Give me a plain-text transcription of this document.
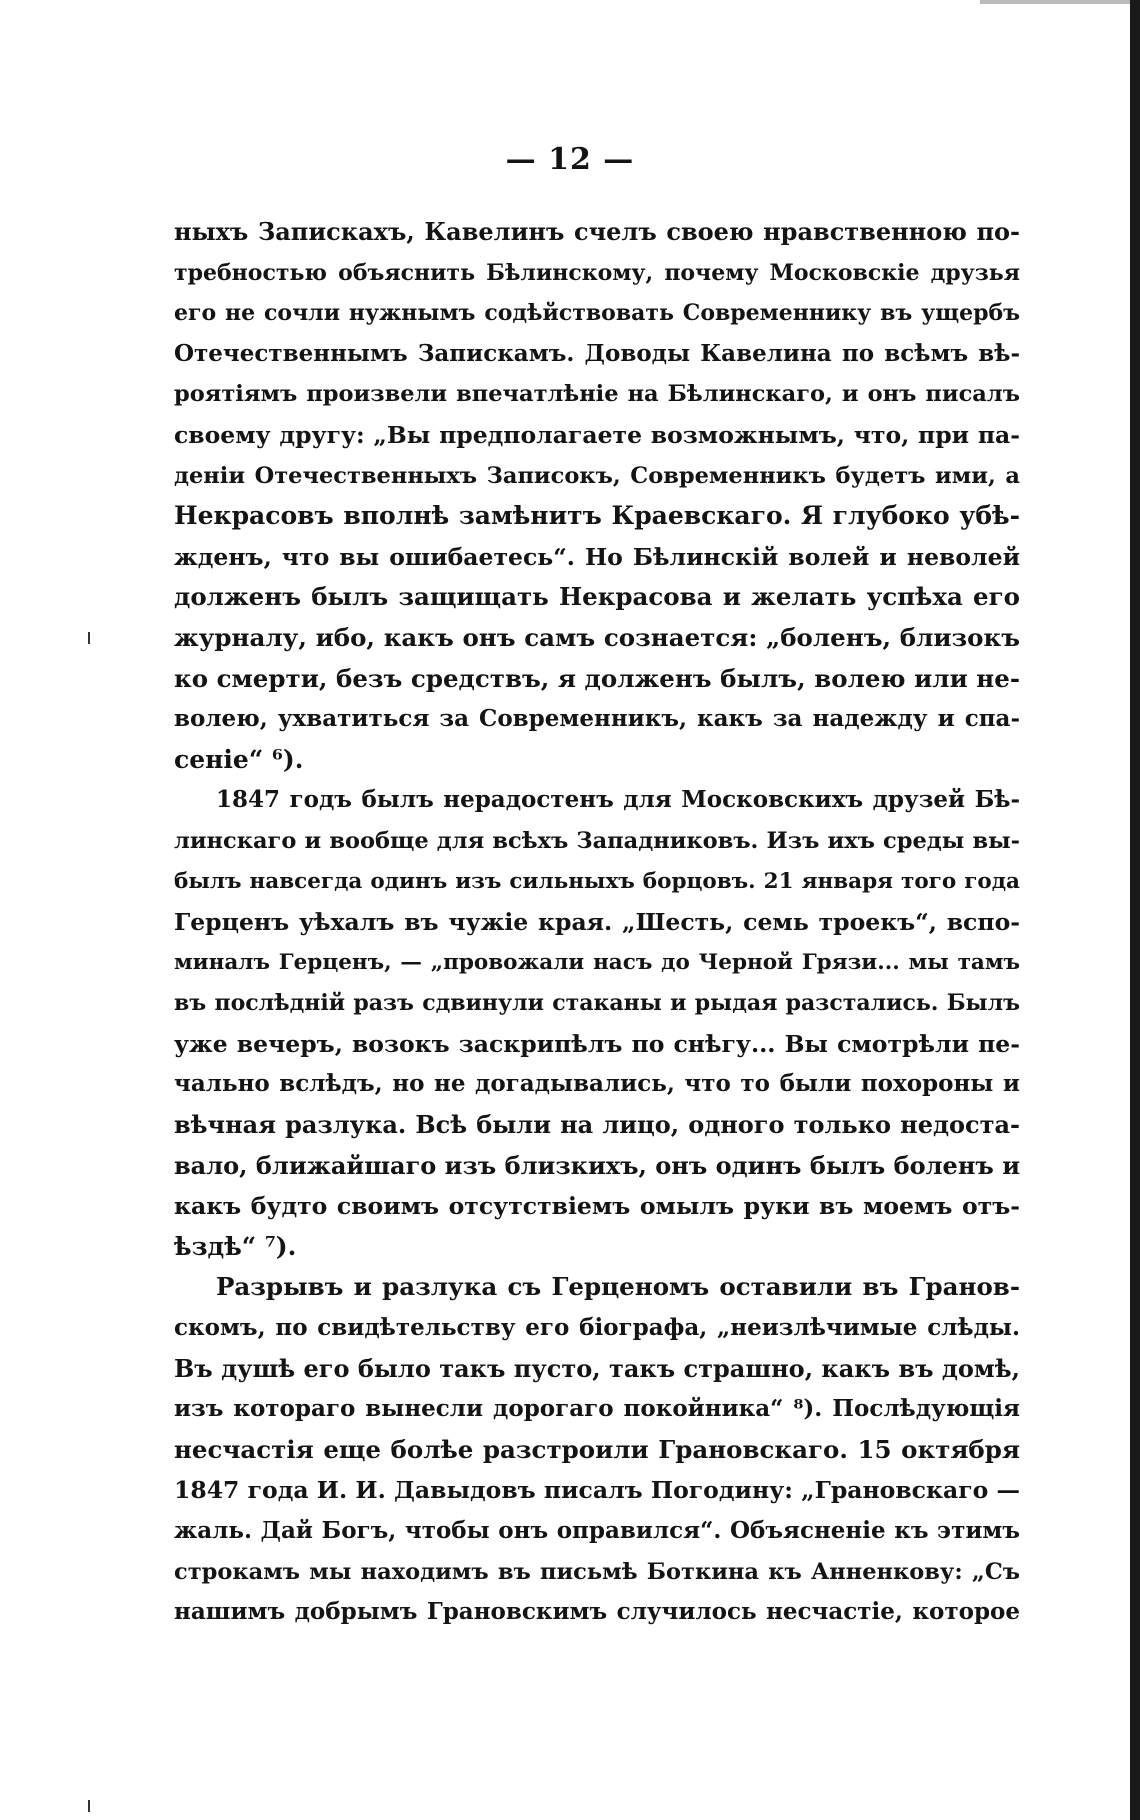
— 12 —
ныхъ Запискахъ, Кавелинъ счелъ своею нравственною по-
требностью объяснить Бѣлинскому, почему Московскіе друзья
его не сочли нужнымъ содѣйствовать Современнику въ ущербъ
Отечественнымъ Запискамъ. Доводы Кавелина по всѣмъ вѣ-
роятіямъ произвели впечатлѣніе на Бѣлинскаго, и онъ писалъ
своему другу: „Вы предполагаете возможнымъ, что, при па-
деніи Отечественныхъ Записокъ, Современникъ будетъ ими, а
Некрасовъ вполнѣ замѣнитъ Краевскаго. Я глубоко убѣ-
жденъ, что вы ошибаетесь“. Но Бѣлинскій волей и неволей
долженъ былъ защищать Некрасова и желать успѣха его
журналу, ибо, какъ онъ самъ сознается: „боленъ, близокъ
ко смерти, безъ средствъ, я долженъ былъ, волею или не-
волею, ухватиться за Современникъ, какъ за надежду и спа-
сеніе“ ⁶).
1847 годъ былъ нерадостенъ для Московскихъ друзей Бѣ-
линскаго и вообще для всѣхъ Западниковъ. Изъ ихъ среды вы-
былъ навсегда одинъ изъ сильныхъ борцовъ. 21 января того года
Герценъ уѣхалъ въ чужіе края. „Шесть, семь троекъ“, вспо-
миналъ Герценъ, — „провожали насъ до Черной Грязи... мы тамъ
въ послѣдній разъ сдвинули стаканы и рыдая разстались. Былъ
уже вечеръ, возокъ заскрипѣлъ по снѣгу... Вы смотрѣли пе-
чально вслѣдъ, но не догадывались, что то были похороны и
вѣчная разлука. Всѣ были на лицо, одного только недоста-
вало, ближайшаго изъ близкихъ, онъ одинъ былъ боленъ и
какъ будто своимъ отсутствіемъ омылъ руки въ моемъ отъ-
ѣздѣ“ ⁷).
Разрывъ и разлука съ Герценомъ оставили въ Гранов-
скомъ, по свидѣтельству его біографа, „неизлѣчимые слѣды.
Въ душѣ его было такъ пусто, такъ страшно, какъ въ домѣ,
изъ котораго вынесли дорогаго покойника“ ⁸). Послѣдующія
несчастія еще болѣе разстроили Грановскаго. 15 октября
1847 года И. И. Давыдовъ писалъ Погодину: „Грановскаго —
жаль. Дай Богъ, чтобы онъ оправился“. Объясненіе къ этимъ
строкамъ мы находимъ въ письмѣ Боткина къ Анненкову: „Съ
нашимъ добрымъ Грановскимъ случилось несчастіе, которое
